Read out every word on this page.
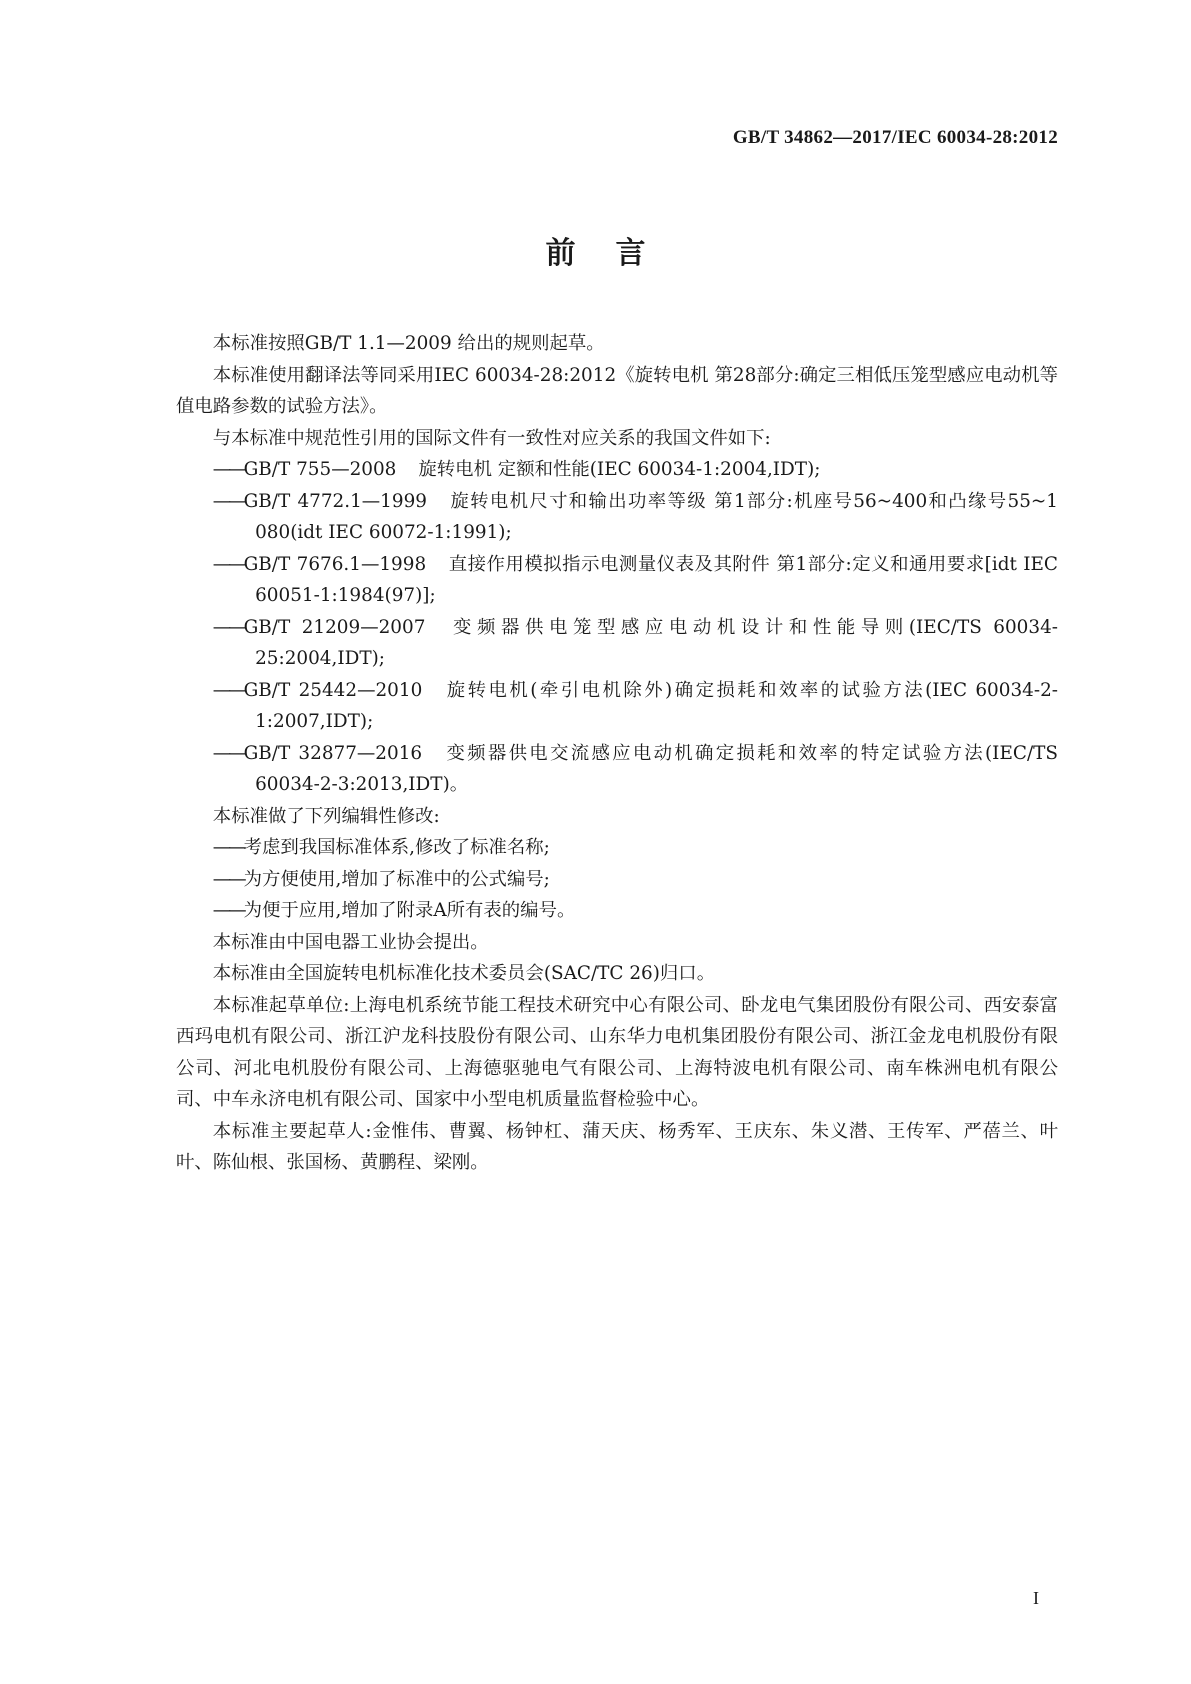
GB/T 34862—2017/IEC 60034-28:2012
前言

本标准按照GB/T 1.1—2009 给出的规则起草。

本标准使用翻译法等同采用IEC 60034-28:2012《旋转电机 第28部分:确定三相低压笼型感应电动机等值电路参数的试验方法》。

与本标准中规范性引用的国际文件有一致性对应关系的我国文件如下:

——GB/T 755—2008 旋转电机 定额和性能(IEC 60034-1:2004,IDT);

——GB/T 4772.1—1999 旋转电机尺寸和输出功率等级 第1部分:机座号56~400和凸缘号55~1 080(idt IEC 60072-1:1991);

——GB/T 7676.1—1998 直接作用模拟指示电测量仪表及其附件 第1部分:定义和通用要求[idt IEC 60051-1:1984(97)];

——GB/T 21209—2007 变频器供电笼型感应电动机设计和性能导则(IEC/TS 60034-25:2004,IDT);

——GB/T 25442—2010 旋转电机(牵引电机除外)确定损耗和效率的试验方法(IEC 60034-2-1:2007,IDT);

——GB/T 32877—2016 变频器供电交流感应电动机确定损耗和效率的特定试验方法(IEC/TS 60034-2-3:2013,IDT)。

本标准做了下列编辑性修改:

——考虑到我国标准体系,修改了标准名称;

——为方便使用,增加了标准中的公式编号;

——为便于应用,增加了附录A所有表的编号。

本标准由中国电器工业协会提出。

本标准由全国旋转电机标准化技术委员会(SAC/TC 26)归口。

本标准起草单位:上海电机系统节能工程技术研究中心有限公司、卧龙电气集团股份有限公司、西安泰富西玛电机有限公司、浙江沪龙科技股份有限公司、山东华力电机集团股份有限公司、浙江金龙电机股份有限公司、河北电机股份有限公司、上海德驱驰电气有限公司、上海特波电机有限公司、南车株洲电机有限公司、中车永济电机有限公司、国家中小型电机质量监督检验中心。

本标准主要起草人:金惟伟、曹翼、杨钟杠、蒲天庆、杨秀军、王庆东、朱义潜、王传军、严蓓兰、叶叶、陈仙根、张国杨、黄鹏程、梁刚。

I
